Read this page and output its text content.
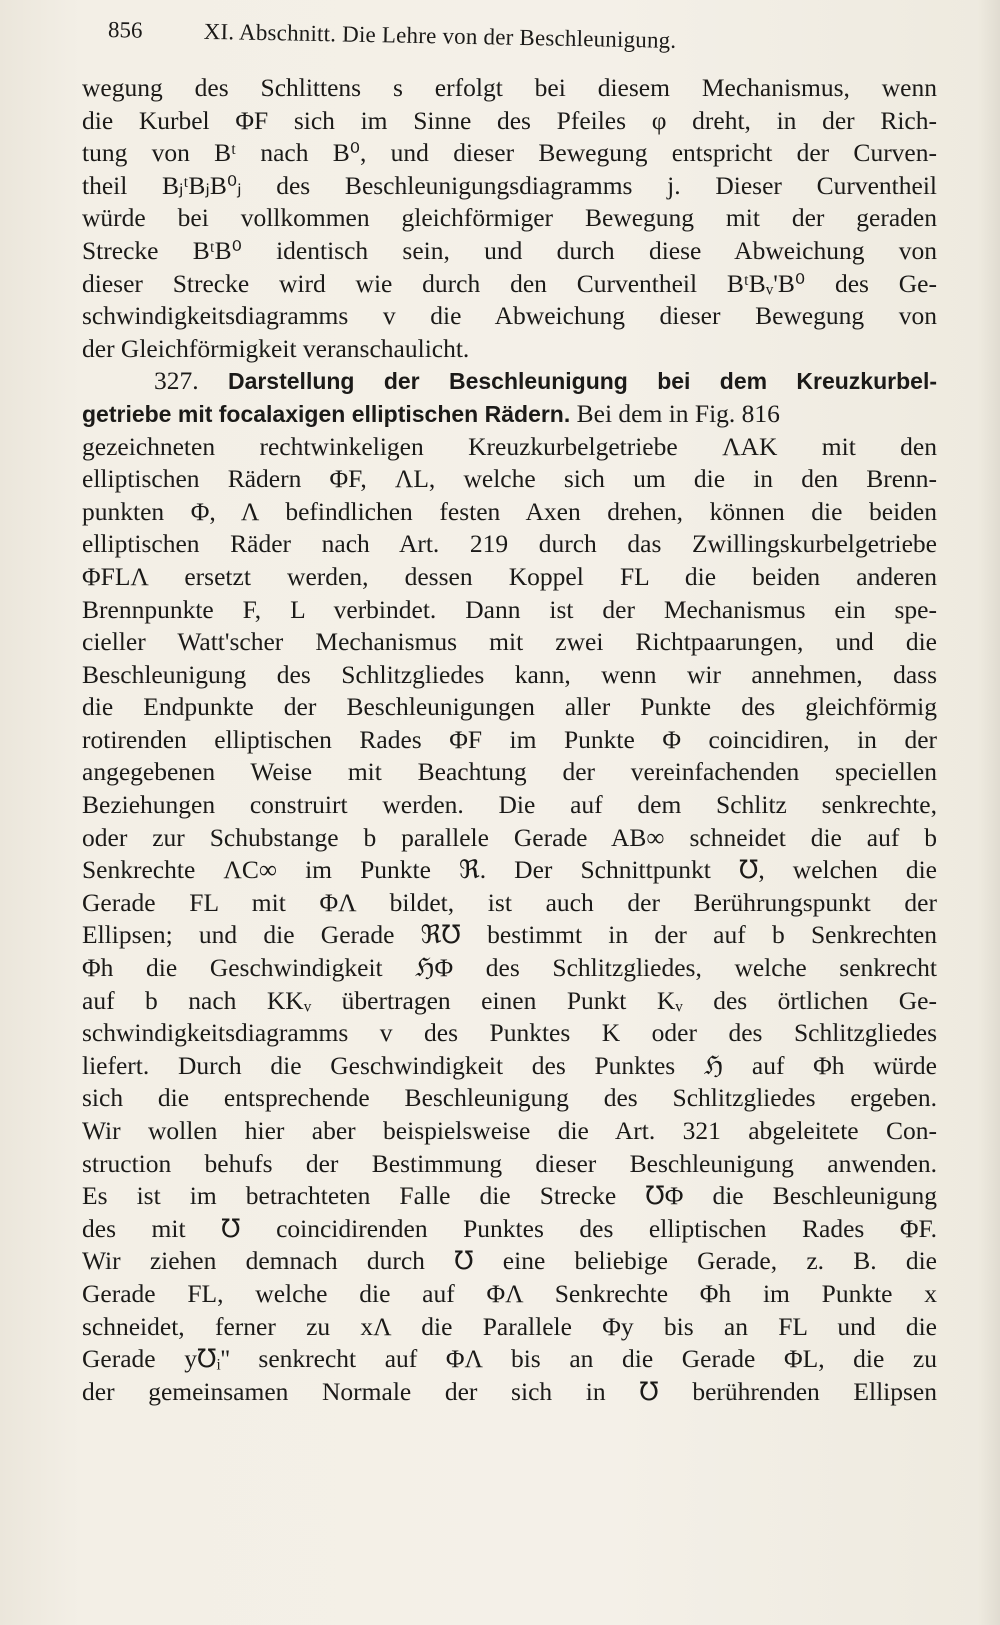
856	XI. Abschnitt. Die Lehre von der Beschleunigung.
wegung des Schlittens s erfolgt bei diesem Mechanismus, wenn
die Kurbel ΦF sich im Sinne des Pfeiles φ dreht, in der Rich-
tung von Bᵗ nach B⁰, und dieser Bewegung entspricht der Curven-
theil BⱼᵗBⱼB⁰ⱼ des Beschleunigungsdiagramms j. Dieser Curventheil
würde bei vollkommen gleichförmiger Bewegung mit der geraden
Strecke BᵗB⁰ identisch sein, und durch diese Abweichung von
dieser Strecke wird wie durch den Curventheil BᵗBᵥ'B⁰ des Ge-
schwindigkeitsdiagramms v die Abweichung dieser Bewegung von
der Gleichförmigkeit veranschaulicht.
327. Darstellung der Beschleunigung bei dem Kreuzkurbel-
getriebe mit focalaxigen elliptischen Rädern. Bei dem in Fig. 816
gezeichneten rechtwinkeligen Kreuzkurbelgetriebe ΛAK mit den
elliptischen Rädern ΦF, ΛL, welche sich um die in den Brenn-
punkten Φ, Λ befindlichen festen Axen drehen, können die beiden
elliptischen Räder nach Art. 219 durch das Zwillingskurbelgetriebe
ΦFLΛ ersetzt werden, dessen Koppel FL die beiden anderen
Brennpunkte F, L verbindet. Dann ist der Mechanismus ein spe-
cieller Watt'scher Mechanismus mit zwei Richtpaarungen, und die
Beschleunigung des Schlitzgliedes kann, wenn wir annehmen, dass
die Endpunkte der Beschleunigungen aller Punkte des gleichförmig
rotirenden elliptischen Rades ΦF im Punkte Φ coincidiren, in der
angegebenen Weise mit Beachtung der vereinfachenden speciellen
Beziehungen construirt werden. Die auf dem Schlitz senkrechte,
oder zur Schubstange b parallele Gerade AB∞ schneidet die auf b
Senkrechte ΛC∞ im Punkte ℜ. Der Schnittpunkt ℧, welchen die
Gerade FL mit ΦΛ bildet, ist auch der Berührungspunkt der
Ellipsen; und die Gerade ℜ℧ bestimmt in der auf b Senkrechten
Φh die Geschwindigkeit ℌΦ des Schlitzgliedes, welche senkrecht
auf b nach KKᵥ übertragen einen Punkt Kᵥ des örtlichen Ge-
schwindigkeitsdiagramms v des Punktes K oder des Schlitzgliedes
liefert. Durch die Geschwindigkeit des Punktes ℌ auf Φh würde
sich die entsprechende Beschleunigung des Schlitzgliedes ergeben.
Wir wollen hier aber beispielsweise die Art. 321 abgeleitete Con-
struction behufs der Bestimmung dieser Beschleunigung anwenden.
Es ist im betrachteten Falle die Strecke ℧Φ die Beschleunigung
des mit ℧ coincidirenden Punktes des elliptischen Rades ΦF.
Wir ziehen demnach durch ℧ eine beliebige Gerade, z. B. die
Gerade FL, welche die auf ΦΛ Senkrechte Φh im Punkte x
schneidet, ferner zu xΛ die Parallele Φy bis an FL und die
Gerade y℧ᵢ'' senkrecht auf ΦΛ bis an die Gerade ΦL, die zu
der gemeinsamen Normale der sich in ℧ berührenden Ellipsen
